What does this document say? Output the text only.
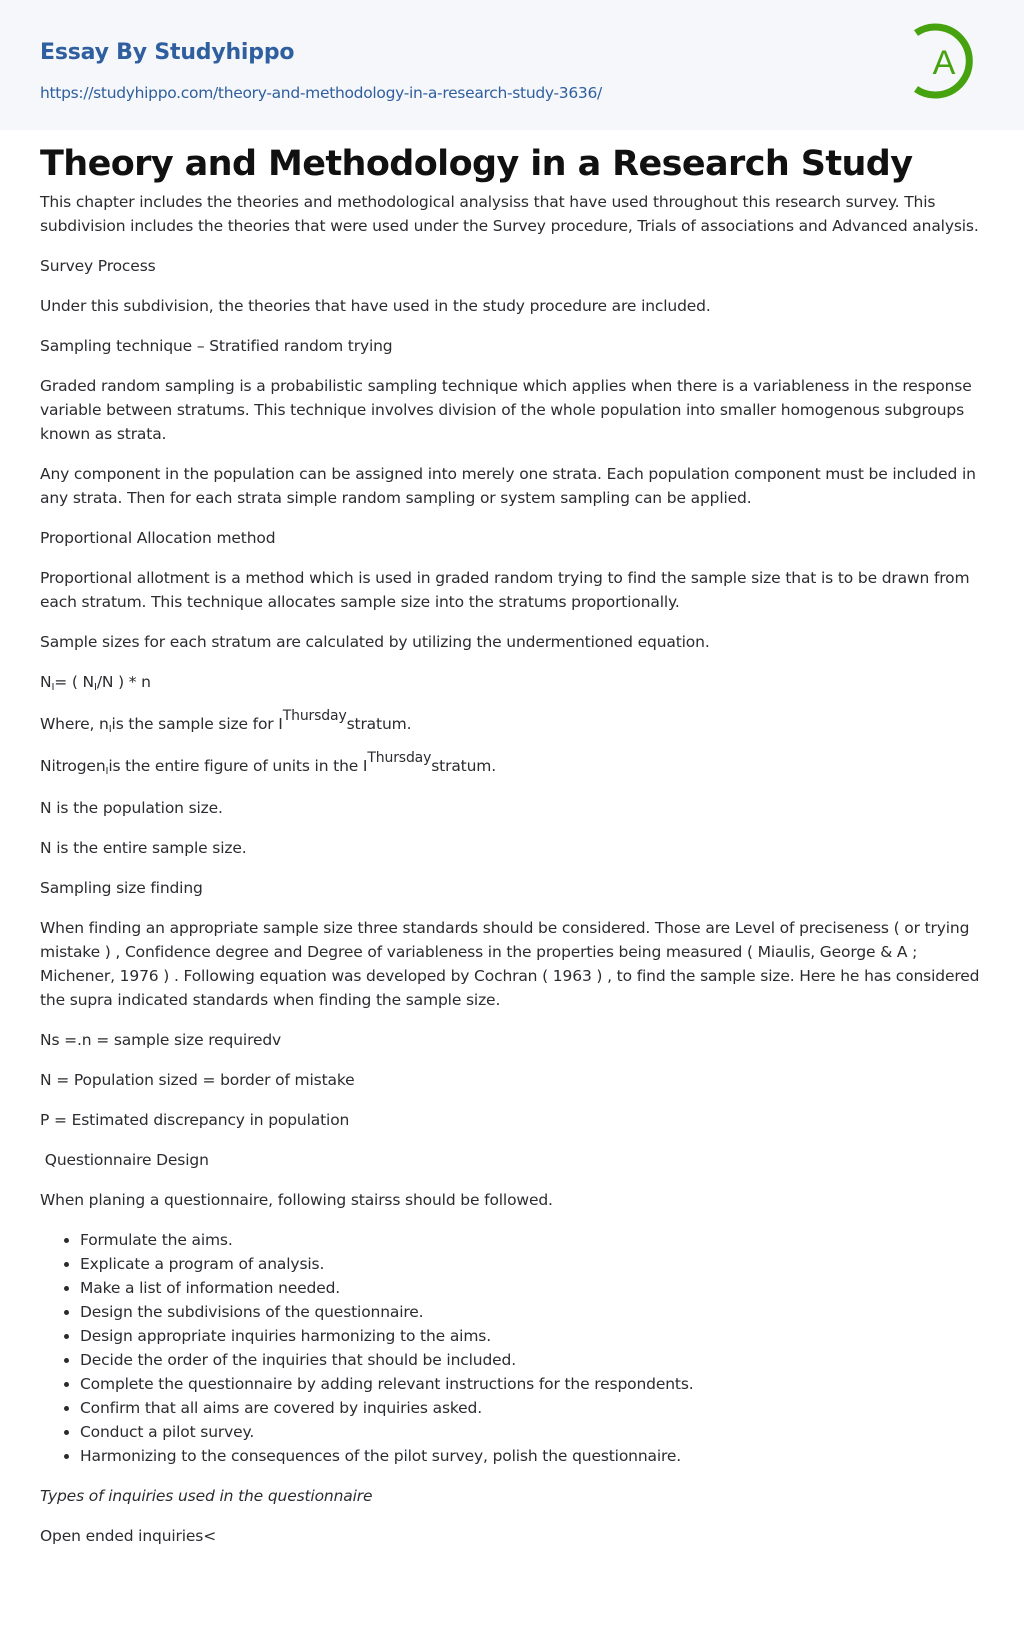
Essay By Studyhippo
https://studyhippo.com/theory-and-methodology-in-a-research-study-3636/
A
Theory and Methodology in a Research Study

This chapter includes the theories and methodological analysiss that have used throughout this research survey. This subdivision includes the theories that were used under the Survey procedure, Trials of associations and Advanced analysis.

Survey Process

Under this subdivision, the theories that have used in the study procedure are included.

Sampling technique – Stratified random trying

Graded random sampling is a probabilistic sampling technique which applies when there is a variableness in the response variable between stratums. This technique involves division of the whole population into smaller homogenous subgroups known as strata.

Any component in the population can be assigned into merely one strata. Each population component must be included in any strata. Then for each strata simple random sampling or system sampling can be applied.

Proportional Allocation method

Proportional allotment is a method which is used in graded random trying to find the sample size that is to be drawn from each stratum. This technique allocates sample size into the stratums proportionally.

Sample sizes for each stratum are calculated by utilizing the undermentioned equation.

$N_I=$ ( $N_I/N$ ) * n

Where, $n_Iis$ the sample size for IThursdaystratum.

Nitrogen$_I$is the entire figure of units in the IThursdaystratum.

N is the population size.

N is the entire sample size.

Sampling size finding

When finding an appropriate sample size three standards should be considered. Those are Level of preciseness ( or trying mistake ) , Confidence degree and Degree of variableness in the properties being measured ( Miaulis, George & A ; Michener, 1976 ) . Following equation was developed by Cochran ( 1963 ) , to find the sample size. Here he has considered the supra indicated standards when finding the sample size.

Ns =.n = sample size requiredv

N = Population sized = border of mistake

P = Estimated discrepancy in population

Questionnaire Design

When planing a questionnaire, following stairss should be followed.

• Formulate the aims.
• Explicate a program of analysis.
• Make a list of information needed.
• Design the subdivisions of the questionnaire.
• Design appropriate inquiries harmonizing to the aims.
• Decide the order of the inquiries that should be included.
• Complete the questionnaire by adding relevant instructions for the respondents.
• Confirm that all aims are covered by inquiries asked.
• Conduct a pilot survey.
• Harmonizing to the consequences of the pilot survey, polish the questionnaire.

Types of inquiries used in the questionnaire

Open ended inquiries<
